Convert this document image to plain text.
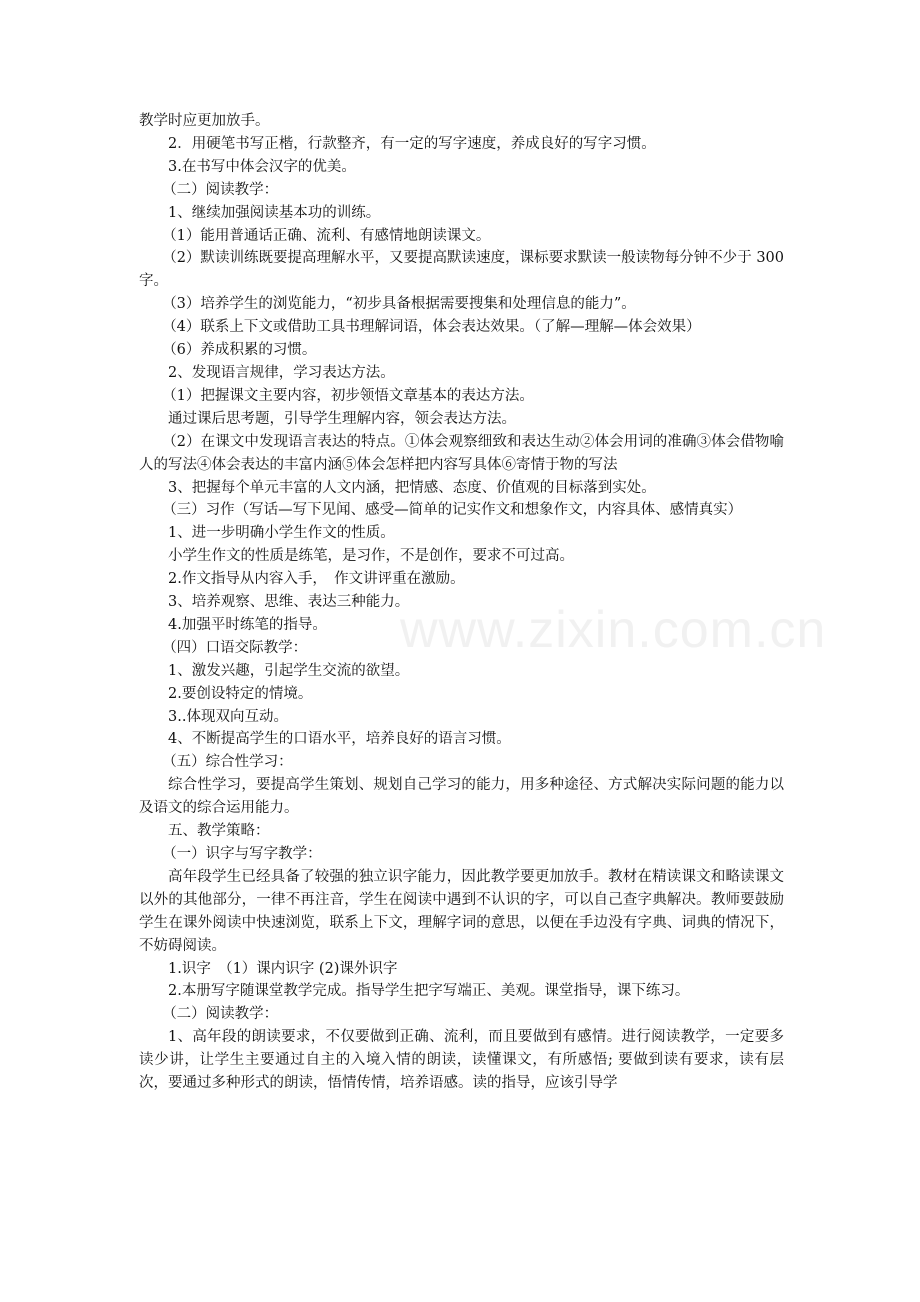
www.zixin.com.cn

教学时应更加放手。

2．用硬笔书写正楷，行款整齐，有一定的写字速度，养成良好的写字习惯。

3.在书写中体会汉字的优美。

（二）阅读教学：

1、继续加强阅读基本功的训练。

（1）能用普通话正确、流利、有感情地朗读课文。

（2）默读训练既要提高理解水平，又要提高默读速度，课标要求默读一般读物每分钟不少于 300 字。

（3）培养学生的浏览能力，“初步具备根据需要搜集和处理信息的能力”。

（4）联系上下文或借助工具书理解词语，体会表达效果。（了解—理解—体会效果）

（6）养成积累的习惯。

2、发现语言规律，学习表达方法。

（1）把握课文主要内容，初步领悟文章基本的表达方法。

通过课后思考题，引导学生理解内容，领会表达方法。

（2）在课文中发现语言表达的特点。①体会观察细致和表达生动②体会用词的准确③体会借物喻人的写法④体会表达的丰富内涵⑤体会怎样把内容写具体⑥寄情于物的写法

3、把握每个单元丰富的人文内涵，把情感、态度、价值观的目标落到实处。

（三）习作（写话—写下见闻、感受—简单的记实作文和想象作文，内容具体、感情真实）

1、进一步明确小学生作文的性质。

小学生作文的性质是练笔，是习作，不是创作，要求不可过高。

2.作文指导从内容入手，　作文讲评重在激励。

3、培养观察、思维、表达三种能力。

4.加强平时练笔的指导。

（四）口语交际教学：

1、激发兴趣，引起学生交流的欲望。

2.要创设特定的情境。

3..体现双向互动。

4、不断提高学生的口语水平，培养良好的语言习惯。

（五）综合性学习：

综合性学习，要提高学生策划、规划自己学习的能力，用多种途径、方式解决实际问题的能力以及语文的综合运用能力。

五、教学策略：

（一）识字与写字教学：

高年段学生已经具备了较强的独立识字能力，因此教学要更加放手。教材在精读课文和略读课文以外的其他部分，一律不再注音，学生在阅读中遇到不认识的字，可以自己查字典解决。教师要鼓励学生在课外阅读中快速浏览，联系上下文，理解字词的意思，以便在手边没有字典、词典的情况下，不妨碍阅读。

1.识字　（1）课内识字 (2)课外识字

2.本册写字随课堂教学完成。指导学生把字写端正、美观。课堂指导，课下练习。

（二）阅读教学：

1、高年段的朗读要求，不仅要做到正确、流利，而且要做到有感情。进行阅读教学，一定要多读少讲，让学生主要通过自主的入境入情的朗读，读懂课文，有所感悟; 要做到读有要求，读有层次，要通过多种形式的朗读，悟情传情，培养语感。读的指导，应该引导学
